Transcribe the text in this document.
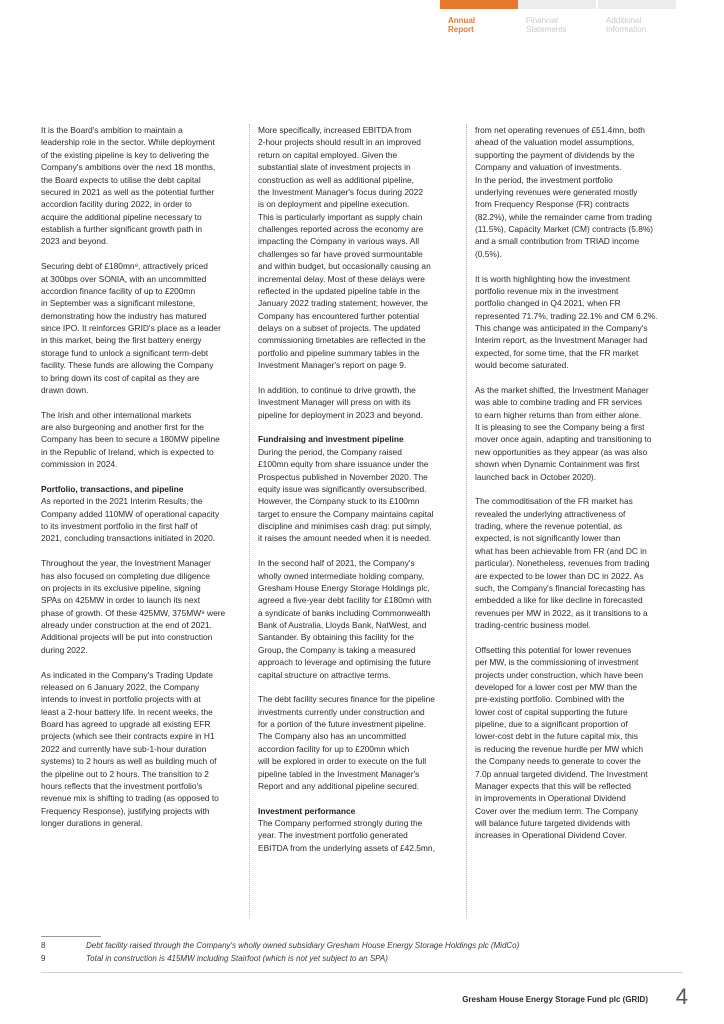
Annual
Report
Financial
Statements
Additional
Information

It is the Board's ambition to maintain a

leadership role in the sector. While deployment

of the existing pipeline is key to delivering the

Company's ambitions over the next 18 months,

the Board expects to utilise the debt capital

secured in 2021 as well as the potential further

accordion facility during 2022, in order to

acquire the additional pipeline necessary to

establish a further significant growth path in

2023 and beyond.

Securing debt of £180mn⁸, attractively priced

at 300bps over SONIA, with an uncommitted

accordion finance facility of up to £200mn

in September was a significant milestone,

demonstrating how the industry has matured

since IPO. It reinforces GRID's place as a leader

in this market, being the first battery energy

storage fund to unlock a significant term-debt

facility. These funds are allowing the Company

to bring down its cost of capital as they are

drawn down.

The Irish and other international markets

are also burgeoning and another first for the

Company has been to secure a 180MW pipeline

in the Republic of Ireland, which is expected to

commission in 2024.

Portfolio, transactions, and pipeline

As reported in the 2021 Interim Results, the

Company added 110MW of operational capacity

to its investment portfolio in the first half of

2021, concluding transactions initiated in 2020.

Throughout the year, the Investment Manager

has also focused on completing due diligence

on projects in its exclusive pipeline, signing

SPAs on 425MW in order to launch its next

phase of growth. Of these 425MW, 375MW⁹ were

already under construction at the end of 2021.

Additional projects will be put into construction

during 2022.

As indicated in the Company's Trading Update

released on 6 January 2022, the Company

intends to invest in portfolio projects with at

least a 2-hour battery life. In recent weeks, the

Board has agreed to upgrade all existing EFR

projects (which see their contracts expire in H1

2022 and currently have sub-1-hour duration

systems) to 2 hours as well as building much of

the pipeline out to 2 hours. The transition to 2

hours reflects that the investment portfolio's

revenue mix is shifting to trading (as opposed to

Frequency Response), justifying projects with

longer durations in general.

More specifically, increased EBITDA from

2-hour projects should result in an improved

return on capital employed. Given the

substantial slate of investment projects in

construction as well as additional pipeline,

the Investment Manager's focus during 2022

is on deployment and pipeline execution.

This is particularly important as supply chain

challenges reported across the economy are

impacting the Company in various ways. All

challenges so far have proved surmountable

and within budget, but occasionally causing an

incremental delay. Most of these delays were

reflected in the updated pipeline table in the

January 2022 trading statement; however, the

Company has encountered further potential

delays on a subset of projects. The updated

commissioning timetables are reflected in the

portfolio and pipeline summary tables in the

Investment Manager's report on page 9.

In addition, to continue to drive growth, the

Investment Manager will press on with its

pipeline for deployment in 2023 and beyond.

Fundraising and investment pipeline

During the period, the Company raised

£100mn equity from share issuance under the

Prospectus published in November 2020. The

equity issue was significantly oversubscribed.

However, the Company stuck to its £100mn

target to ensure the Company maintains capital

discipline and minimises cash drag: put simply,

it raises the amount needed when it is needed.

In the second half of 2021, the Company's

wholly owned intermediate holding company,

Gresham House Energy Storage Holdings plc,

agreed a five-year debt facility for £180mn with

a syndicate of banks including Commonwealth

Bank of Australia, Lloyds Bank, NatWest, and

Santander. By obtaining this facility for the

Group, the Company is taking a measured

approach to leverage and optimising the future

capital structure on attractive terms.

The debt facility secures finance for the pipeline

investments currently under construction and

for a portion of the future investment pipeline.

The Company also has an uncommitted

accordion facility for up to £200mn which

will be explored in order to execute on the full

pipeline tabled in the Investment Manager's

Report and any additional pipeline secured.

Investment performance

The Company performed strongly during the

year. The investment portfolio generated

EBITDA from the underlying assets of £42.5mn,

from net operating revenues of £51.4mn, both

ahead of the valuation model assumptions,

supporting the payment of dividends by the

Company and valuation of investments.

In the period, the investment portfolio

underlying revenues were generated mostly

from Frequency Response (FR) contracts

(82.2%), while the remainder came from trading

(11.5%), Capacity Market (CM) contracts (5.8%)

and a small contribution from TRIAD income

(0.5%).

It is worth highlighting how the investment

portfolio revenue mix in the investment

portfolio changed in Q4 2021, when FR

represented 71.7%, trading 22.1% and CM 6.2%.

This change was anticipated in the Company's

Interim report, as the Investment Manager had

expected, for some time, that the FR market

would become saturated.

As the market shifted, the Investment Manager

was able to combine trading and FR services

to earn higher returns than from either alone.

It is pleasing to see the Company being a first

mover once again, adapting and transitioning to

new opportunities as they appear (as was also

shown when Dynamic Containment was first

launched back in October 2020).

The commoditisation of the FR market has

revealed the underlying attractiveness of

trading, where the revenue potential, as

expected, is not significantly lower than

what has been achievable from FR (and DC in

particular). Nonetheless, revenues from trading

are expected to be lower than DC in 2022. As

such, the Company's financial forecasting has

embedded a like for like decline in forecasted

revenues per MW in 2022, as it transitions to a

trading-centric business model.

Offsetting this potential for lower revenues

per MW, is the commissioning of investment

projects under construction, which have been

developed for a lower cost per MW than the

pre-existing portfolio. Combined with the

lower cost of capital supporting the future

pipeline, due to a significant proportion of

lower-cost debt in the future capital mix, this

is reducing the revenue hurdle per MW which

the Company needs to generate to cover the

7.0p annual targeted dividend. The Investment

Manager expects that this will be reflected

in improvements in Operational Dividend

Cover over the medium term. The Company

will balance future targeted dividends with

increases in Operational Dividend Cover.

8	Debt facility raised through the Company's wholly owned subsidiary Gresham House Energy Storage Holdings plc (MidCo)
9	Total in construction is 415MW including Stairfoot (which is not yet subject to an SPA)
Gresham House Energy Storage Fund plc (GRID)	4
